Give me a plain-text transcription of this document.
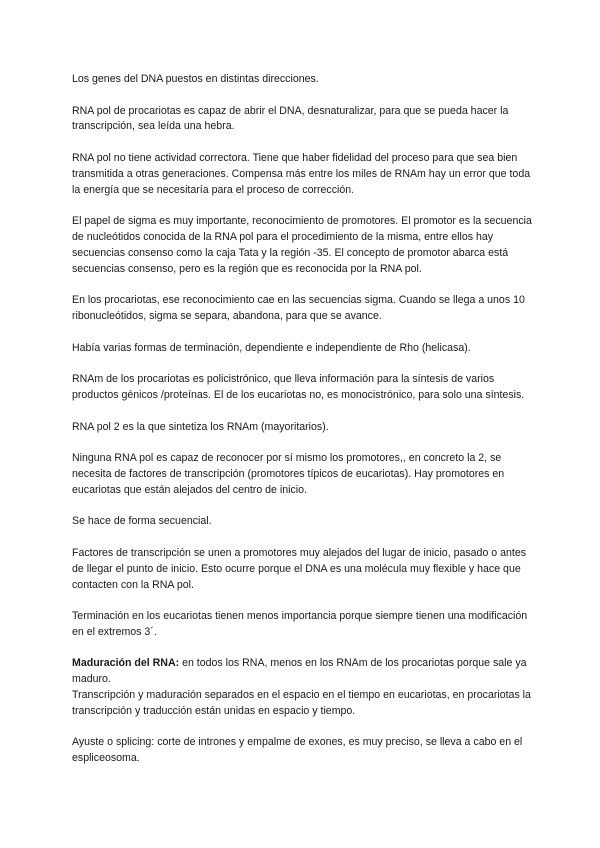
Los genes del DNA puestos en distintas direcciones.

RNA pol de procariotas es capaz de abrir el DNA, desnaturalizar, para que se pueda hacer la transcripción, sea leída una hebra.

RNA pol no tiene actividad correctora. Tiene que haber fidelidad del proceso para que sea bien transmitida a otras generaciones. Compensa más entre los miles de RNAm hay un error que toda la energía que se necesitaría para el proceso de corrección.

El papel de sigma es muy importante, reconocimiento de promotores. El promotor es la secuencia de nucleótidos conocida de la RNA pol para el procedimiento de la misma, entre ellos hay secuencias consenso como la caja Tata y la región -35. El concepto de promotor abarca está secuencias consenso, pero es la región que es reconocida por la RNA pol.

En los procariotas, ese reconocimiento cae en las secuencias sigma. Cuando se llega a unos 10 ribonucleótidos, sigma se separa, abandona, para que se avance.

Había varias formas de terminación, dependiente e independiente de Rho (helicasa).

RNAm de los procariotas es policistrónico, que lleva información para la síntesis de varios productos génicos /proteínas. El de los eucariotas no, es monocistrónico, para solo una síntesis.

RNA pol 2 es la que sintetiza los RNAm (mayoritarios).

Ninguna RNA pol es capaz de reconocer por sí mismo los promotores,, en concreto la 2, se necesita de factores de transcripción (promotores típicos de eucariotas). Hay promotores en eucariotas que están alejados del centro de inicio.

Se hace de forma secuencial.

Factores de transcripción se unen a promotores muy alejados del lugar de inicio, pasado o antes de llegar el punto de inicio. Esto ocurre porque el DNA es una molécula muy flexible y hace que contacten con la RNA pol.

Terminación en los eucariotas tienen menos importancia porque siempre tienen una modificación en el extremos 3´.

Maduración del RNA: en todos los RNA, menos en los RNAm de los procariotas porque sale ya maduro.
Transcripción y maduración separados en el espacio en el tiempo en eucariotas, en procariotas la transcripción y traducción están unidas en espacio y tiempo.

Ayuste o splicing: corte de intrones y empalme de exones, es muy preciso, se lleva a cabo en el espliceosoma.
